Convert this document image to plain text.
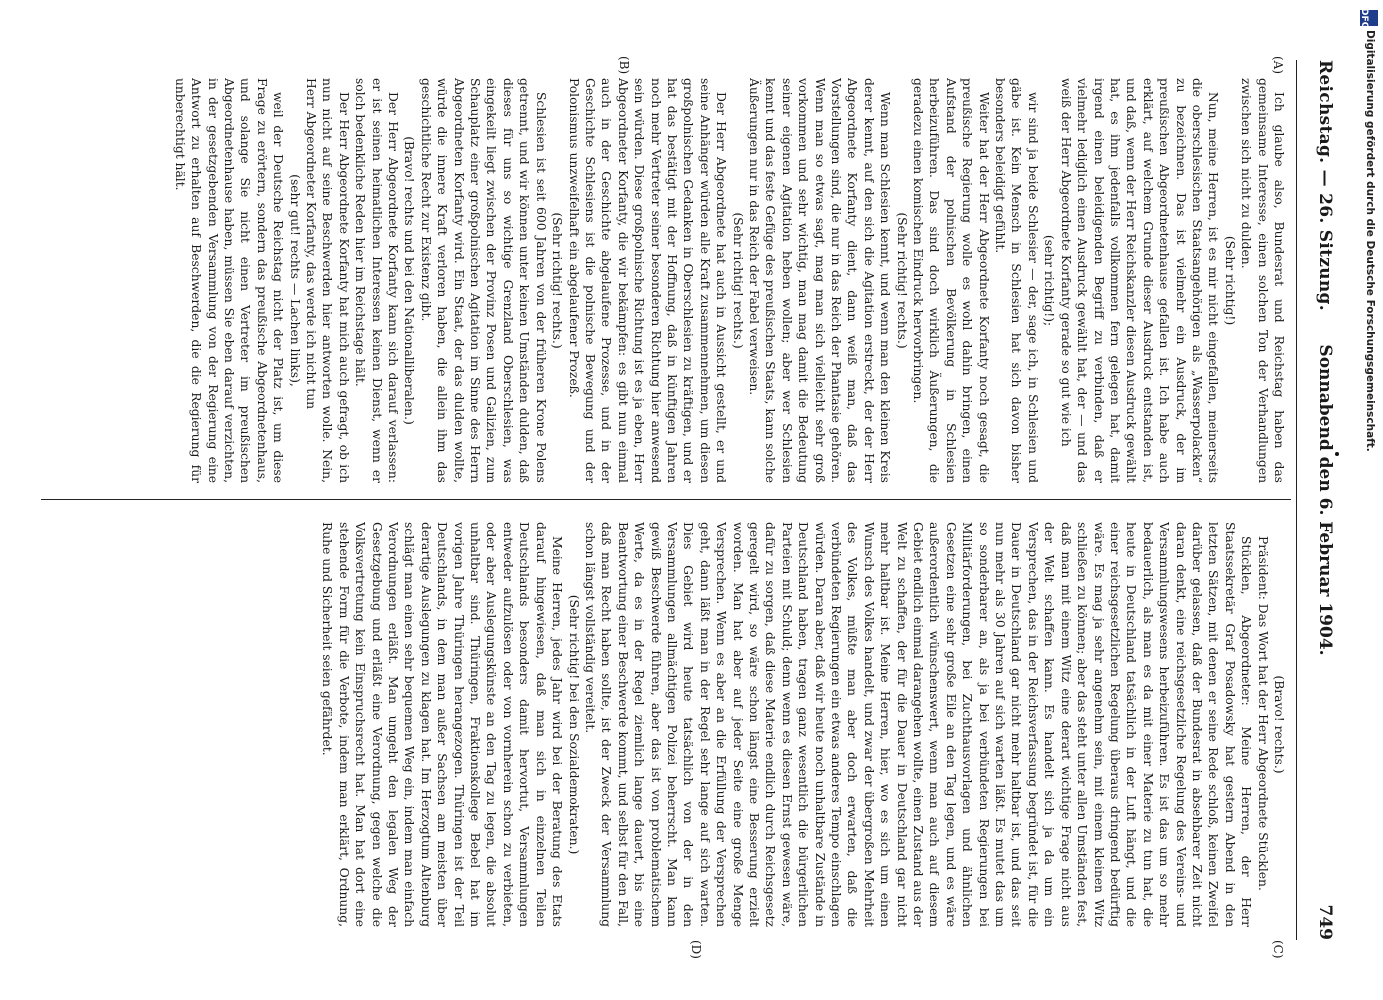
Reichstag. — 26. Sitzung.
Sonnabend den 6. Februar 1904.
749
(A)
(B)
(C)
(D)

Ich glaube also, Bundesrat und Reichstag haben das gemeinsame Interesse, einen solchen Ton der Verhandlungen zwischen sich nicht zu dulden.

(Sehr richtig!)

Nun, meine Herren, ist es mir nicht eingefallen, meinerseits die oberschlesischen Staatsangehörigen als „Wasserpolacken“ zu bezeichnen. Das ist vielmehr ein Ausdruck, der im preußischen Abgeordnetenhause gefallen ist. Ich habe auch erklärt, auf welchem Grunde dieser Ausdruck entstanden ist, und daß, wenn der Herr Reichskanzler diesen Ausdruck gewählt hat, es ihm jedenfalls vollkommen fern gelegen hat, damit irgend einen beleidigenden Begriff zu verbinden, daß er vielmehr lediglich einen Ausdruck gewählt hat, der — und das weiß der Herr Abgeordnete Korfanty gerade so gut wie ich

(sehr richtig!);

wir sind ja beide Schlesier — der, sage ich, in Schlesien und gäbe ist. Kein Mensch in Schlesien hat sich davon bisher besonders beleidigt gefühlt.

Weiter hat der Herr Abgeordnete Korfanty noch gesagt, die preußische Regierung wolle es wohl dahin bringen, einen Aufstand der polnischen Bevölkerung in Schlesien herbeizuführen. Das sind doch wirklich Äußerungen, die geradezu einen komischen Eindruck hervorbringen.

(Sehr richtig! rechts.)

Wenn man Schlesien kennt, und wenn man den kleinen Kreis derer kennt, auf den sich die Agitation erstreckt, der der Herr Abgeordnete Korfanty dient, dann weiß man, daß das Vorstellungen sind, die nur in das Reich der Phantasie gehören. Wenn man so etwas sagt, mag man sich vielleicht sehr groß vorkommen und sehr wichtig, man mag damit die Bedeutung seiner eigenen Agitation heben wollen; aber wer Schlesien kennt und das feste Gefüge des preußischen Staats, kann solche Äußerungen nur in das Reich der Fabel verweisen.

(Sehr richtig! rechts.)

Der Herr Abgeordnete hat auch in Aussicht gestellt, er und seine Anhänger würden alle Kraft zusammennehmen, um diesen großpolnischen Gedanken in Oberschlesien zu kräftigen, und er hat das bestätigt mit der Hoffnung, daß in künftigen Jahren noch mehr Vertreter seiner besonderen Richtung hier anwesend sein würden. Diese großpolnische Richtung ist es ja eben, Herr Abgeordneter Korfanty, die wir bekämpfen: es gibt nun einmal auch in der Geschichte abgelaufene Prozesse, und in der Geschichte Schlesiens ist die polnische Bewegung und der Polonismus unzweifelhaft ein abgelaufener Prozeß.

(Sehr richtig! rechts.)

Schlesien ist seit 600 Jahren von der früheren Krone Polens getrennt, und wir können unter keinen Umständen dulden, daß dieses für uns so wichtige Grenzland Oberschlesien, was eingekeilt liegt zwischen der Provinz Posen und Galizien, zum Schauplatz einer großpolnischen Agitation im Sinne des Herrn Abgeordneten Korfanty wird. Ein Staat, der das dulden wollte, würde die innere Kraft verloren haben, die allein ihm das geschichtliche Recht zur Existenz gibt.

(Bravo! rechts und bei den Nationalliberalen.)

Der Herr Abgeordnete Korfanty kann sich darauf verlassen: er ist seinen heimatlichen Interessen keinen Dienst, wenn er solch bedenkliche Reden hier im Reichstage hält.

Der Herr Abgeordnete Korfanty hat mich auch gefragt, ob ich nun nicht auf seine Beschwerden hier antworten wolle. Nein, Herr Abgeordneter Korfanty, das werde ich nicht tun

(sehr gut! rechts — Lachen links),

weil der Deutsche Reichstag nicht der Platz ist, um diese Frage zu erörtern, sondern das preußische Abgeordnetenhaus, und solange Sie nicht einen Vertreter im preußischen Abgeordnetenhause haben, müssen Sie eben darauf verzichten, in der gesetzgebenden Versammlung von der Regierung eine Antwort zu erhalten auf Beschwerden, die die Regierung für unberechtigt hält.

(Bravo! rechts.)

Präsident: Das Wort hat der Herr Abgeordnete Stücklen.

Stücklen, Abgeordneter: Meine Herren, der Herr Staatssekretär Graf Posadowsky hat gestern Abend in den letzten Sätzen, mit denen er seine Rede schloß, keinen Zweifel darüber gelassen, daß der Bundesrat in absehbarer Zeit nicht daran denkt, eine reichsgesetzliche Regelung des Vereins- und Versammlungswesens herbeizuführen. Es ist das um so mehr bedauerlich, als man es da mit einer Materie zu tun hat, die heute in Deutschland tatsächlich in der Luft hängt, und die einer reichsgesetzlichen Regelung überaus dringend bedürftig wäre. Es mag ja sehr angenehm sein, mit einem kleinen Witz schließen zu können; aber das steht unter allen Umständen fest, daß man mit einem Witz eine derart wichtige Frage nicht aus der Welt schaffen kann. Es handelt sich ja da um ein Versprechen, das in der Reichsverfassung begründet ist, für die Dauer in Deutschland gar nicht mehr haltbar ist, und das seit nun mehr als 30 Jahren auf sich warten läßt. Es mutet das um so sonderbarer an, als ja bei verbündeten Regierungen bei Militärforderungen, bei Zuchthausvorlagen und ähnlichen Gesetzen eine sehr große Eile an den Tag legen, und es wäre außerordentlich wünschenswert, wenn man auch auf diesem Gebiet endlich einmal darangehen wollte, einen Zustand aus der Welt zu schaffen, der für die Dauer in Deutschland gar nicht mehr haltbar ist. Meine Herren, hier, wo es sich um einen Wunsch des Volkes handelt, und zwar der übergroßen Mehrheit des Volkes, müßte man aber doch erwarten, daß die verbündeten Regierungen ein etwas anderes Tempo einschlagen würden. Daran aber, daß wir heute noch unhaltbare Zustände in Deutschland haben, tragen ganz wesentlich die bürgerlichen Parteien mit Schuld; denn wenn es diesen Ernst gewesen wäre, dafür zu sorgen, daß diese Materie endlich durch Reichsgesetz geregelt wird, so wäre schon längst eine Besserung erzielt worden. Man hat aber auf jeder Seite eine große Menge Versprechen. Wenn es aber an die Erfüllung der Versprechen geht, dann läßt man in der Regel sehr lange auf sich warten. Dies Gebiet wird heute tatsächlich von der in den Versammlungen allmächtigen Polizei beherrscht. Man kann gewiß Beschwerde führen, aber das ist von problematischem Werte, da es in der Regel ziemlich lange dauert, bis eine Beantwortung einer Beschwerde kommt, und selbst für den Fall, daß man Recht haben sollte, ist der Zweck der Versammlung schon längst vollständig vereitelt.

(Sehr richtig! bei den Sozialdemokraten.)

Meine Herren, jedes Jahr wird bei der Beratung des Etats darauf hingewiesen, daß man sich in einzelnen Teilen Deutschlands besonders damit hervortut, Versammlungen entweder aufzulösen oder von vornherein schon zu verbieten, oder aber Auslegungskünste an den Tag zu legen, die absolut unhaltbar sind. Thüringen, Fraktionskollege Bebel hat im vorigen Jahre Thüringen herangezogen. Thüringen ist der Teil Deutschlands, in dem man außer Sachsen am meisten über derartige Auslegungen zu klagen hat. Im Herzogtum Altenburg schlägt man einen sehr bequemen Weg ein, indem man einfach Verordnungen erläßt. Man umgeht den legalen Weg der Gesetzgebung und erläßt eine Verordnung, gegen welche die Volksvertretung kein Einspruchsrecht hat. Man hat dort eine stehende Form für die Verbote, indem man erklärt, Ordnung, Ruhe und Sicherheit seien gefährdet.

DFG
Digitalisierung gefördert durch die Deutsche Forschungsgemeinschaft.
